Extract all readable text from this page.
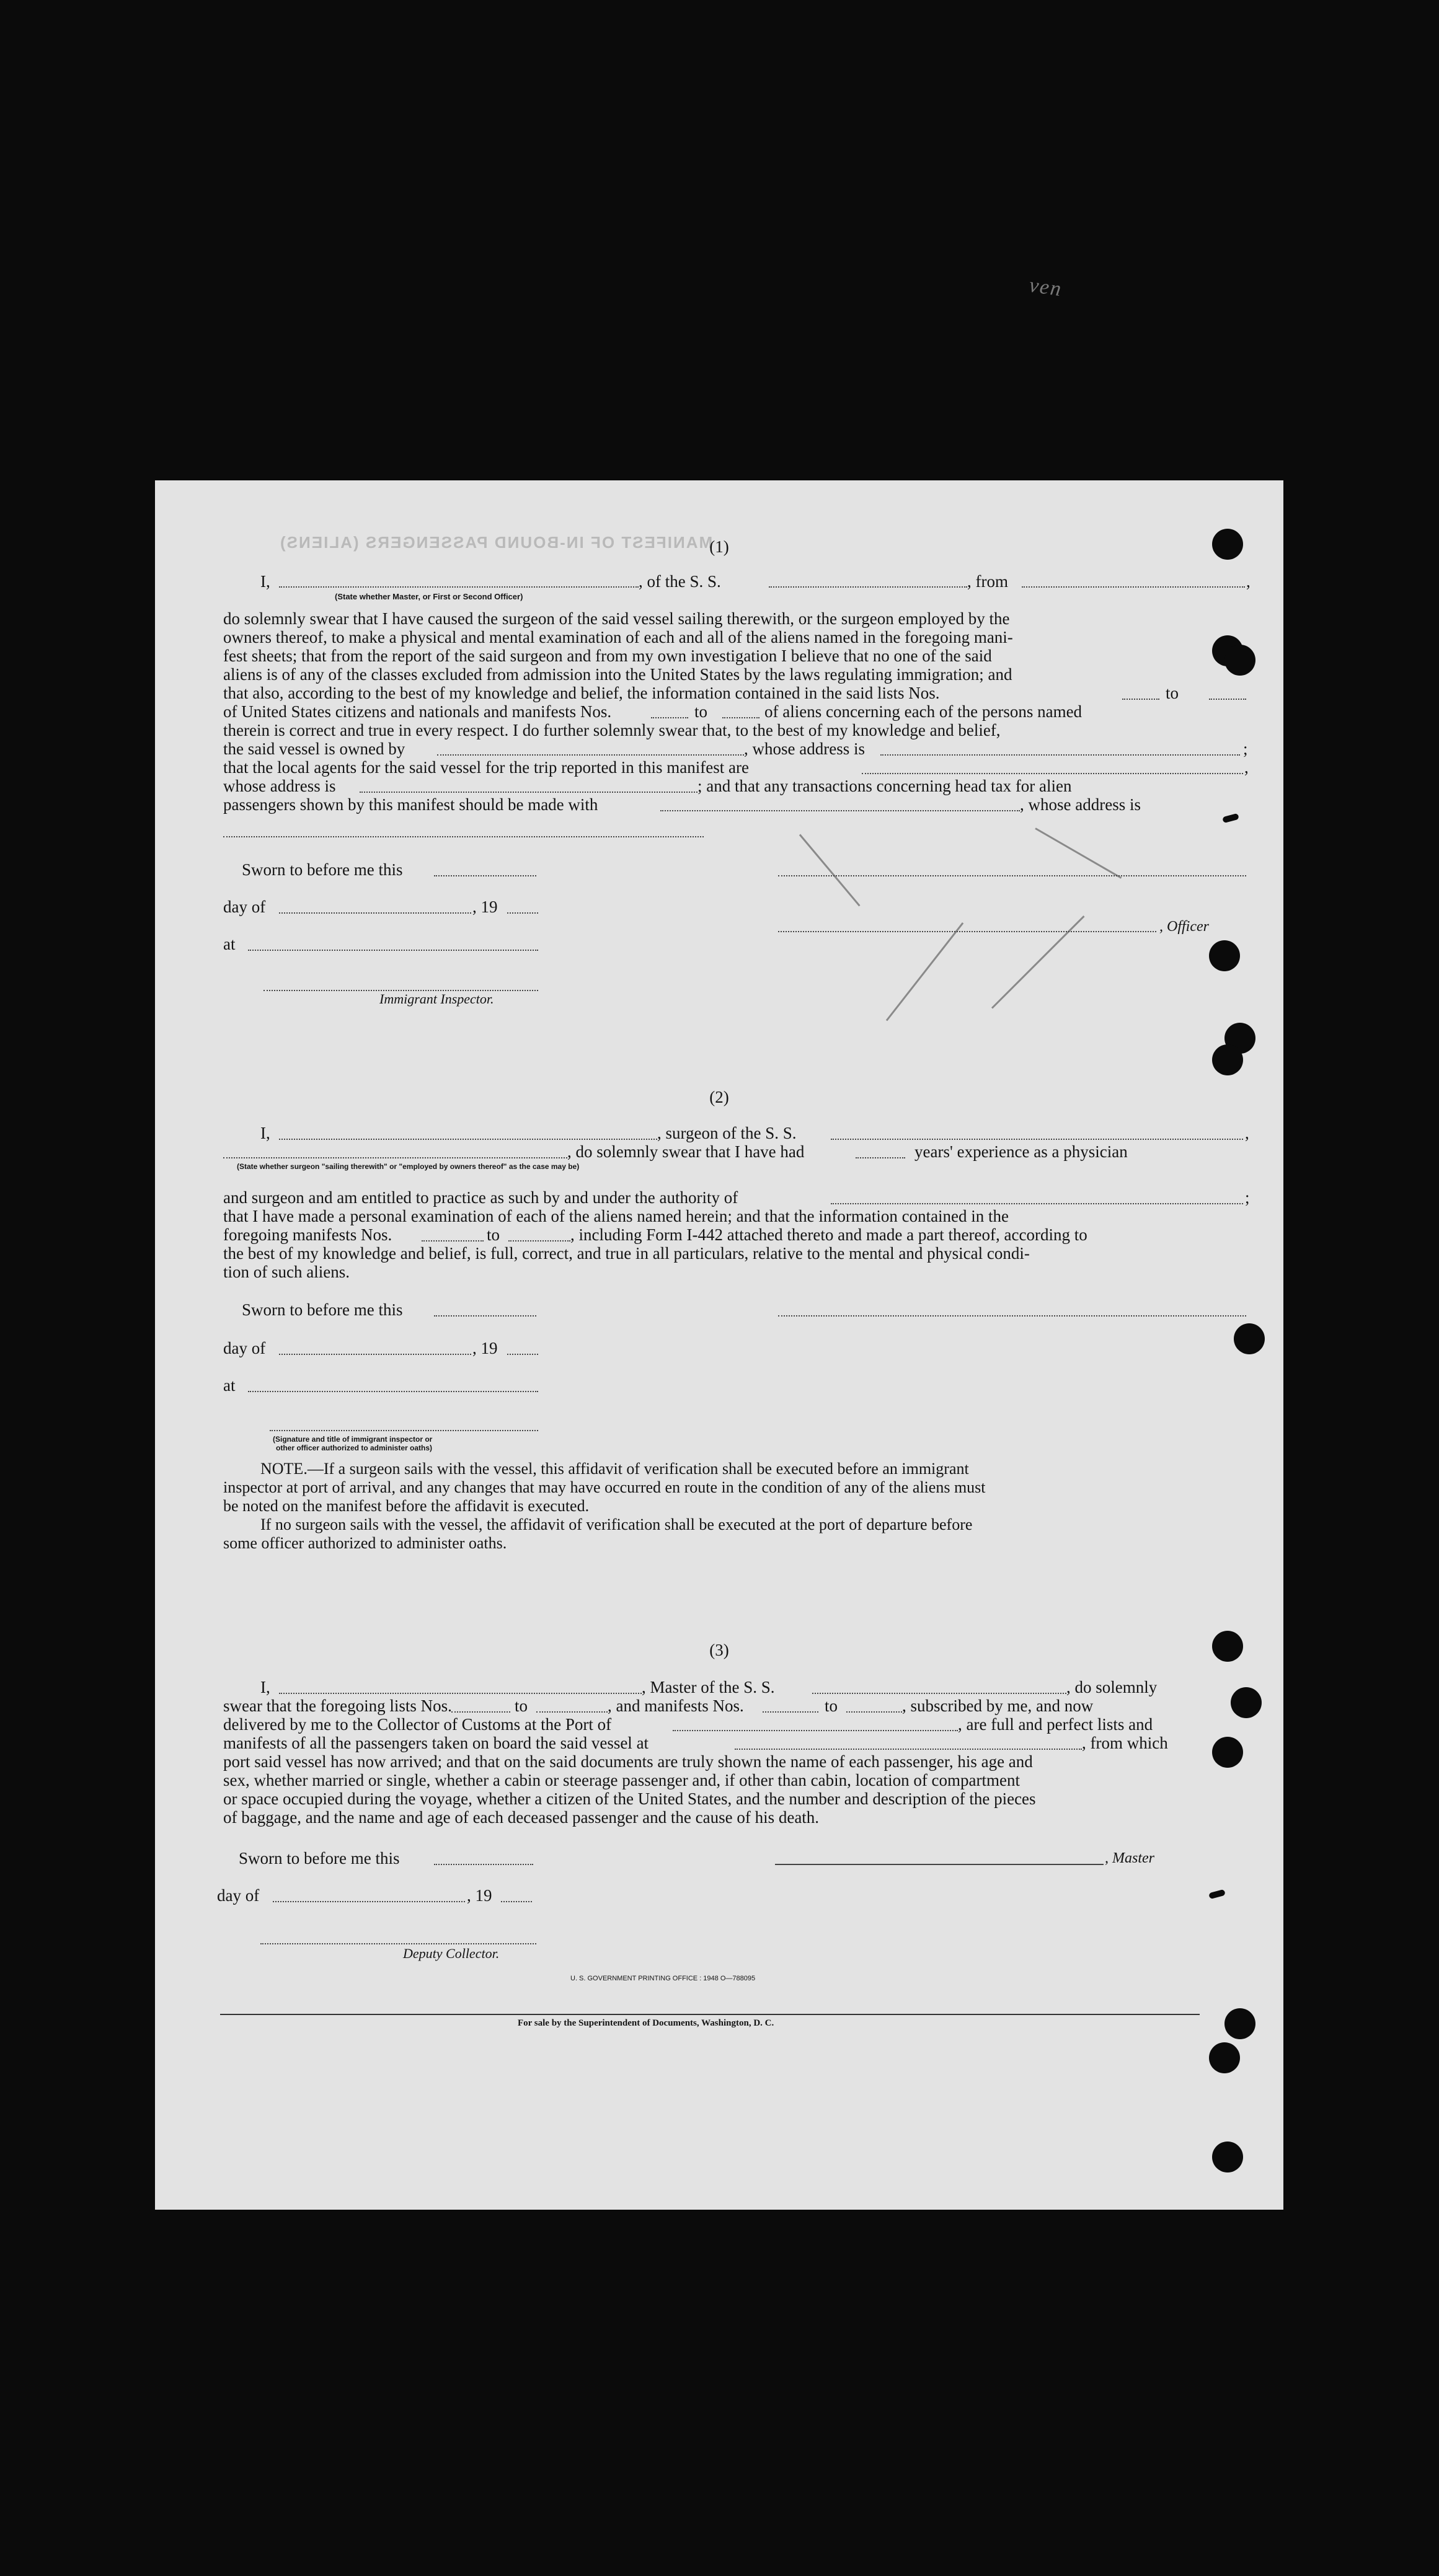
ven
MANIFEST OF IN-BOUND PASSENGERS (ALIENS)
(1)
I,	, of the S. S.	, from	,
(State whether Master, or First or Second Officer)
do solemnly swear that I have caused the surgeon of the said vessel sailing therewith, or the surgeon employed by the
owners thereof, to make a physical and mental examination of each and all of the aliens named in the foregoing mani-
fest sheets; that from the report of the said surgeon and from my own investigation I believe that no one of the said
aliens is of any of the classes excluded from admission into the United States by the laws regulating immigration; and
that also, according to the best of my knowledge and belief, the information contained in the said lists Nos.	to
of United States citizens and nationals and manifests Nos.	to	of aliens concerning each of the persons named
therein is correct and true in every respect. I do further solemnly swear that, to the best of my knowledge and belief,
the said vessel is owned by	, whose address is	;
that the local agents for the said vessel for the trip reported in this manifest are	,
whose address is	; and that any transactions concerning head tax for alien
passengers shown by this manifest should be made with	, whose address is
Sworn to before me this
day of	, 19
, Officer
at
Immigrant Inspector.
(2)
I,	, surgeon of the S. S.	,
, do solemnly swear that I have had	years' experience as a physician
(State whether surgeon "sailing therewith" or "employed by owners thereof" as the case may be)
and surgeon and am entitled to practice as such by and under the authority of	;
that I have made a personal examination of each of the aliens named herein; and that the information contained in the
foregoing manifests Nos.	to	, including Form I-442 attached thereto and made a part thereof, according to
the best of my knowledge and belief, is full, correct, and true in all particulars, relative to the mental and physical condi-
tion of such aliens.
Sworn to before me this
day of	, 19
at
(Signature and title of immigrant inspector or
other officer authorized to administer oaths)
NOTE.—If a surgeon sails with the vessel, this affidavit of verification shall be executed before an immigrant
inspector at port of arrival, and any changes that may have occurred en route in the condition of any of the aliens must
be noted on the manifest before the affidavit is executed.
If no surgeon sails with the vessel, the affidavit of verification shall be executed at the port of departure before
some officer authorized to administer oaths.
(3)
I,	, Master of the S. S.	, do solemnly
swear that the foregoing lists Nos.	to	, and manifests Nos.	to	, subscribed by me, and now
delivered by me to the Collector of Customs at the Port of	, are full and perfect lists and
manifests of all the passengers taken on board the said vessel at	, from which
port said vessel has now arrived; and that on the said documents are truly shown the name of each passenger, his age and
sex, whether married or single, whether a cabin or steerage passenger and, if other than cabin, location of compartment
or space occupied during the voyage, whether a citizen of the United States, and the number and description of the pieces
of baggage, and the name and age of each deceased passenger and the cause of his death.
Sworn to before me this	, Master
day of	, 19
Deputy Collector.
U. S. GOVERNMENT PRINTING OFFICE : 1948 O—788095
For sale by the Superintendent of Documents, Washington, D. C.
